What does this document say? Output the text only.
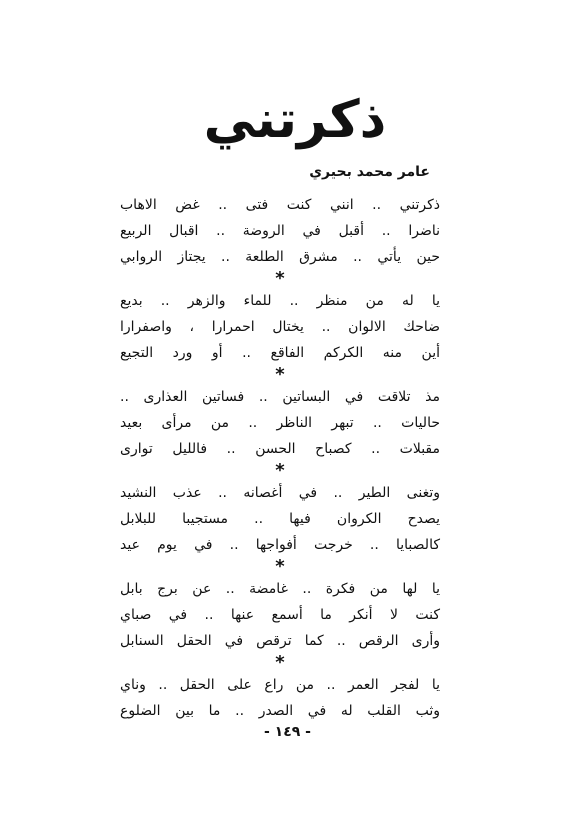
ذكرتني
عامر محمد بحيري
ذكرتني .. انني كنت فتى .. غض الاهاب
ناضرا .. أقبل في الروضة .. اقبال الربيع
حين يأتي .. مشرق الطلعة .. يجتاز الروابي
*
يا له من منظر .. للماء والزهر .. بديع
ضاحك الالوان .. يختال احمرارا ، واصفرارا
أين منه الكركم الفاقع .. أو ورد التجيع
*
مذ تلاقت في البساتين .. فساتين العذارى ..
حاليات .. تبهر الناظر .. من مرأى بعيد
مقبلات .. كصباح الحسن .. فالليل توارى
*
وتغنى الطير .. في أغصانه .. عذب النشيد
يصدح الكروان فيها .. مستجيبا للبلابل
كالصبايا .. خرجت أفواجها .. في يوم عيد
*
يا لها من فكرة .. غامضة .. عن برج بابل
كنت لا أنكر ما أسمع عنها .. في صباي
وأرى الرقص .. كما ترقص في الحقل السنابل
*
يا لفجر العمر .. من راع على الحقل .. وناي
وثب القلب له في الصدر .. ما بين الضلوع
- ١٤٩ -
